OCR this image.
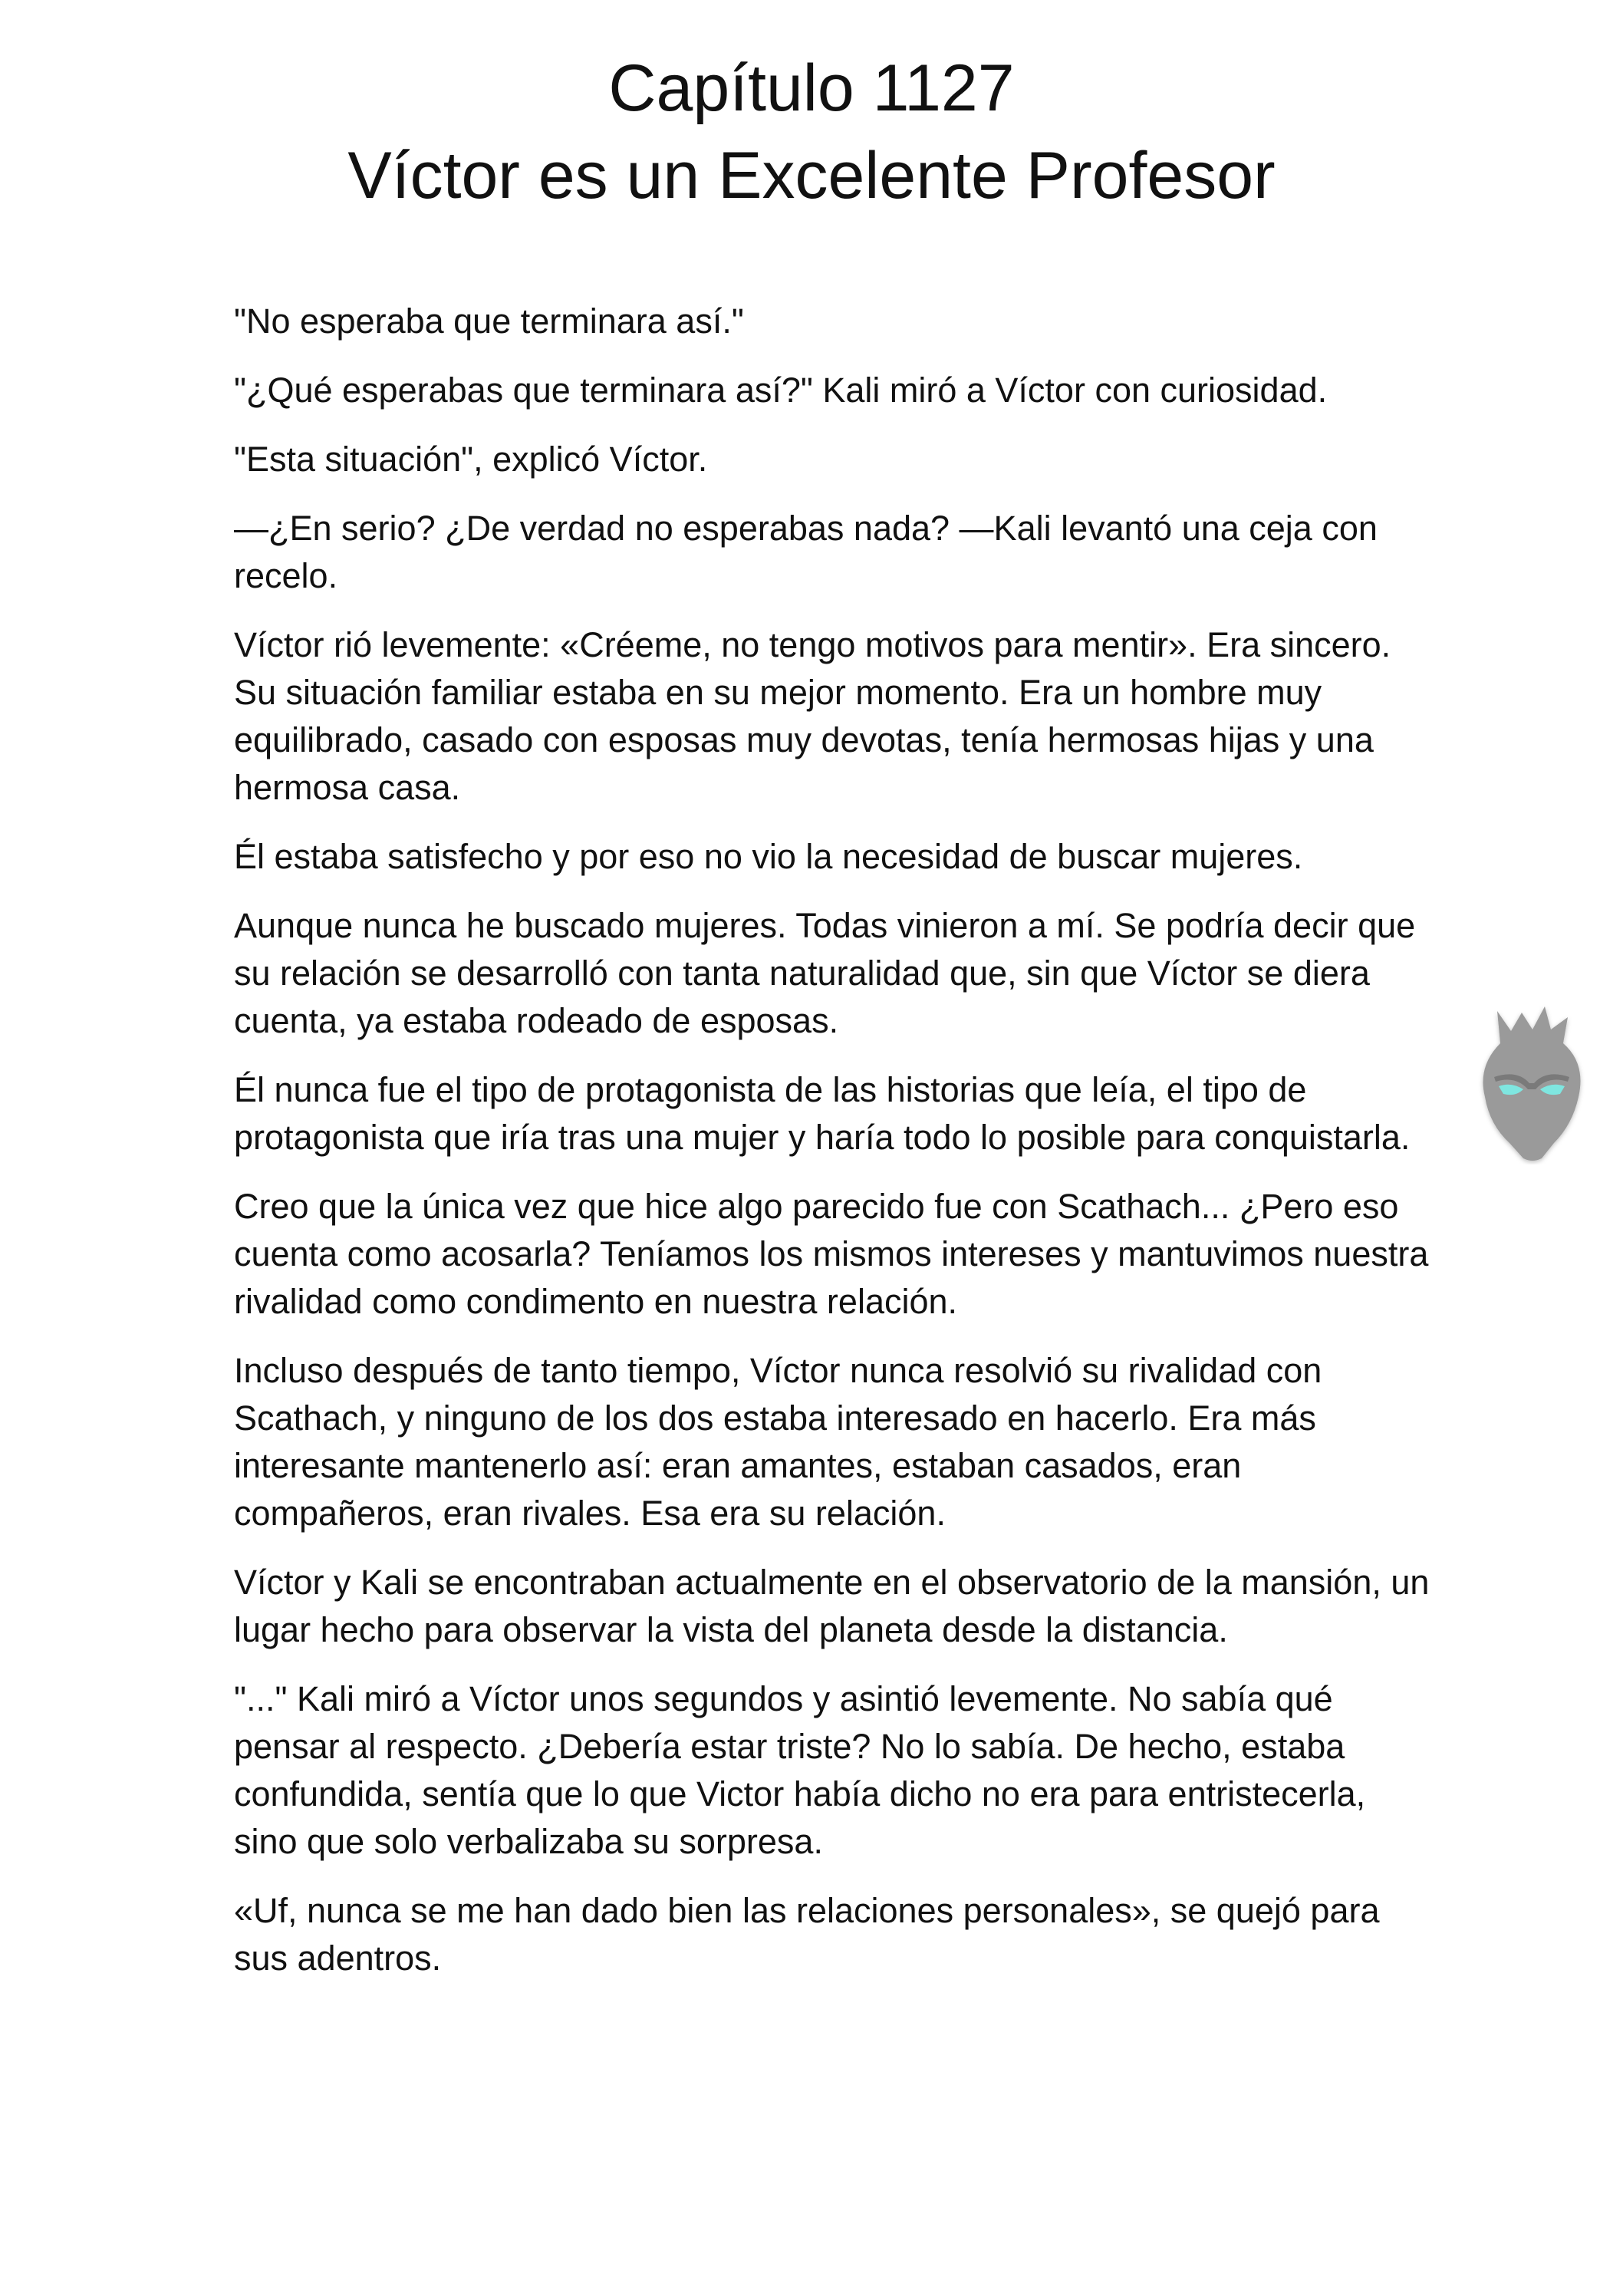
Capítulo 1127
Víctor es un Excelente Profesor

"No esperaba que terminara así."

"¿Qué esperabas que terminara así?" Kali miró a Víctor con curiosidad.

"Esta situación", explicó Víctor.

—¿En serio? ¿De verdad no esperabas nada? —Kali levantó una ceja con recelo.

Víctor rió levemente: «Créeme, no tengo motivos para mentir». Era sincero. Su situación familiar estaba en su mejor momento. Era un hombre muy equilibrado, casado con esposas muy devotas, tenía hermosas hijas y una hermosa casa.

Él estaba satisfecho y por eso no vio la necesidad de buscar mujeres.

Aunque nunca he buscado mujeres. Todas vinieron a mí. Se podría decir que su relación se desarrolló con tanta naturalidad que, sin que Víctor se diera cuenta, ya estaba rodeado de esposas.

Él nunca fue el tipo de protagonista de las historias que leía, el tipo de protagonista que iría tras una mujer y haría todo lo posible para conquistarla.

Creo que la única vez que hice algo parecido fue con Scathach... ¿Pero eso cuenta como acosarla? Teníamos los mismos intereses y mantuvimos nuestra rivalidad como condimento en nuestra relación.

Incluso después de tanto tiempo, Víctor nunca resolvió su rivalidad con Scathach, y ninguno de los dos estaba interesado en hacerlo. Era más interesante mantenerlo así: eran amantes, estaban casados, eran compañeros, eran rivales. Esa era su relación.

Víctor y Kali se encontraban actualmente en el observatorio de la mansión, un lugar hecho para observar la vista del planeta desde la distancia.

"..." Kali miró a Víctor unos segundos y asintió levemente. No sabía qué pensar al respecto. ¿Debería estar triste? No lo sabía. De hecho, estaba confundida, sentía que lo que Victor había dicho no era para entristecerla, sino que solo verbalizaba su sorpresa.

«Uf, nunca se me han dado bien las relaciones personales», se quejó para sus adentros.
